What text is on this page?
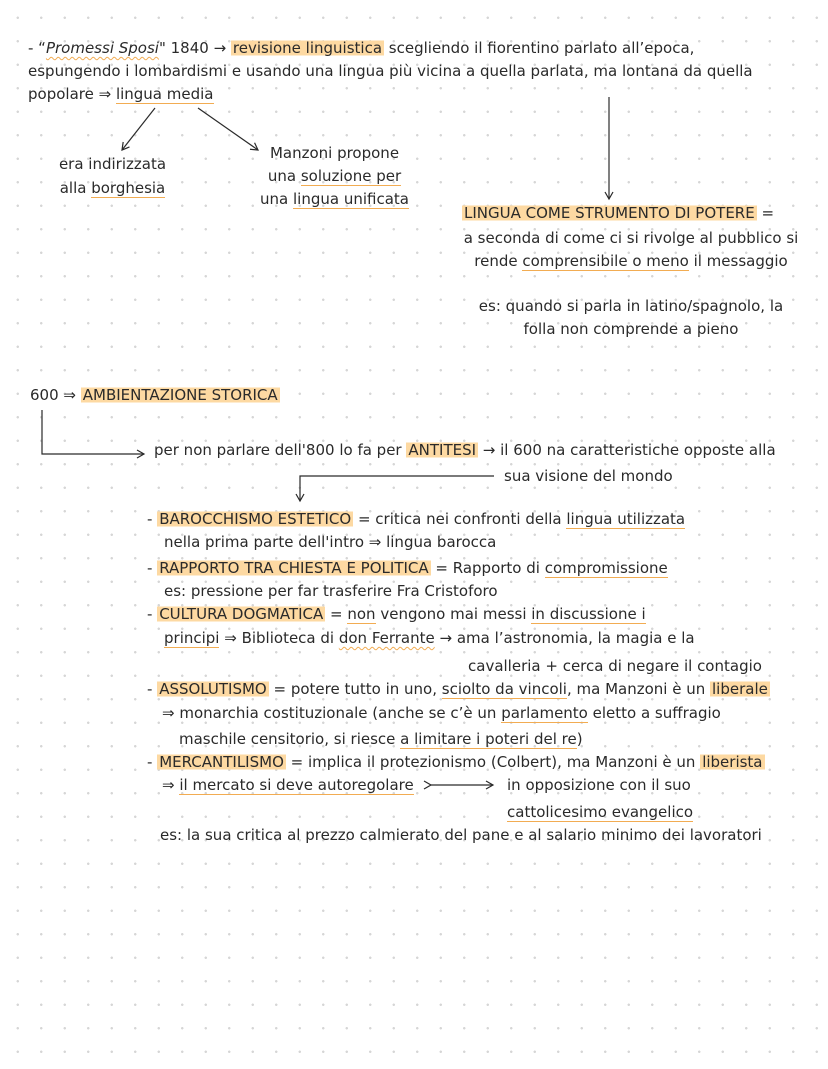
- “Promessi Sposi" 1840 → revisione linguistica scegliendo il fiorentino parlato all’epoca,
espungendo i lombardismi e usando una lingua più vicina a quella parlata, ma lontana da quella
popolare ⇒ lingua media
era indirizzata
alla borghesia
Manzoni propone
una soluzione per
una lingua unificata
LINGUA COME STRUMENTO DI POTERE =
a seconda di come ci si rivolge al pubblico si
rende comprensibile o meno il messaggio
es: quando si parla in latino/spagnolo, la
folla non comprende a pieno
600 ⇒ AMBIENTAZIONE STORICA
per non parlare dell'800 lo fa per ANTITESI → il 600 na caratteristiche opposte alla
sua visione del mondo
- BAROCCHISMO ESTETICO = critica nei confronti della lingua utilizzata
nella prima parte dell'intro ⇒ lingua barocca
- RAPPORTO TRA CHIESTA E POLITICA = Rapporto di compromissione
es: pressione per far trasferire Fra Cristoforo
- CULTURA DOGMATICA = non vengono mai messi in discussione i
principi ⇒ Biblioteca di don Ferrante → ama l’astronomia, la magia e la
cavalleria + cerca di negare il contagio
- ASSOLUTISMO = potere tutto in uno, sciolto da vincoli, ma Manzoni è un liberale
⇒ monarchia costituzionale (anche se c’è un parlamento eletto a suffragio
maschile censitorio, si riesce a limitare i poteri del re)
- MERCANTILISMO = implica il protezionismo (Colbert), ma Manzoni è un liberista
⇒ il mercato si deve autoregolare	in opposizione con il suo
cattolicesimo evangelico
es: la sua critica al prezzo calmierato del pane e al salario minimo dei lavoratori
